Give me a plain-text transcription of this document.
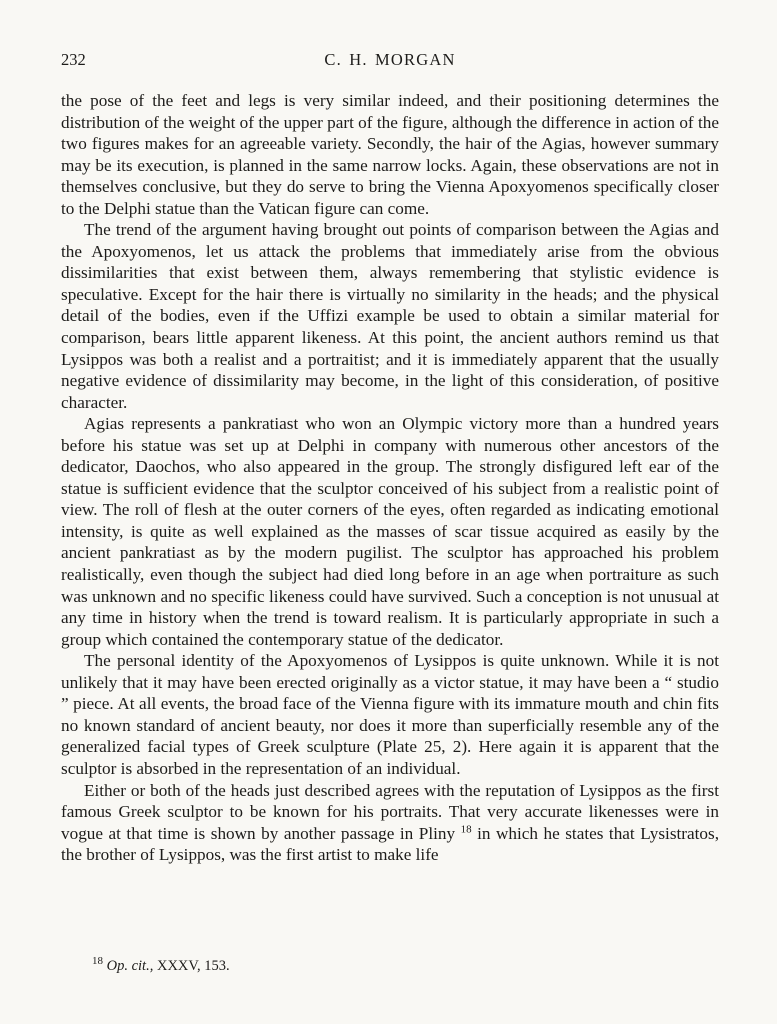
232	C. H. MORGAN

the pose of the feet and legs is very similar indeed, and their positioning determines the distribution of the weight of the upper part of the figure, although the difference in action of the two figures makes for an agreeable variety. Secondly, the hair of the Agias, however summary may be its execution, is planned in the same narrow locks. Again, these observations are not in themselves conclusive, but they do serve to bring the Vienna Apoxyomenos specifically closer to the Delphi statue than the Vatican figure can come.

The trend of the argument having brought out points of comparison between the Agias and the Apoxyomenos, let us attack the problems that immediately arise from the obvious dissimilarities that exist between them, always remembering that stylistic evidence is speculative. Except for the hair there is virtually no similarity in the heads; and the physical detail of the bodies, even if the Uffizi example be used to obtain a similar material for comparison, bears little apparent likeness. At this point, the ancient authors remind us that Lysippos was both a realist and a portraitist; and it is immediately apparent that the usually negative evidence of dissimilarity may become, in the light of this consideration, of positive character.

Agias represents a pankratiast who won an Olympic victory more than a hundred years before his statue was set up at Delphi in company with numerous other ancestors of the dedicator, Daochos, who also appeared in the group. The strongly disfigured left ear of the statue is sufficient evidence that the sculptor conceived of his subject from a realistic point of view. The roll of flesh at the outer corners of the eyes, often regarded as indicating emotional intensity, is quite as well explained as the masses of scar tissue acquired as easily by the ancient pankratiast as by the modern pugilist. The sculptor has approached his problem realistically, even though the subject had died long before in an age when portraiture as such was unknown and no specific likeness could have survived. Such a conception is not unusual at any time in history when the trend is toward realism. It is particularly appropriate in such a group which contained the contemporary statue of the dedicator.

The personal identity of the Apoxyomenos of Lysippos is quite unknown. While it is not unlikely that it may have been erected originally as a victor statue, it may have been a “ studio ” piece. At all events, the broad face of the Vienna figure with its immature mouth and chin fits no known standard of ancient beauty, nor does it more than superficially resemble any of the generalized facial types of Greek sculpture (Plate 25, 2). Here again it is apparent that the sculptor is absorbed in the representation of an individual.

Either or both of the heads just described agrees with the reputation of Lysippos as the first famous Greek sculptor to be known for his portraits. That very accurate likenesses were in vogue at that time is shown by another passage in Pliny $^{18}$ in which he states that Lysistratos, the brother of Lysippos, was the first artist to make life

$^{18}$ Op. cit., XXXV, 153.
